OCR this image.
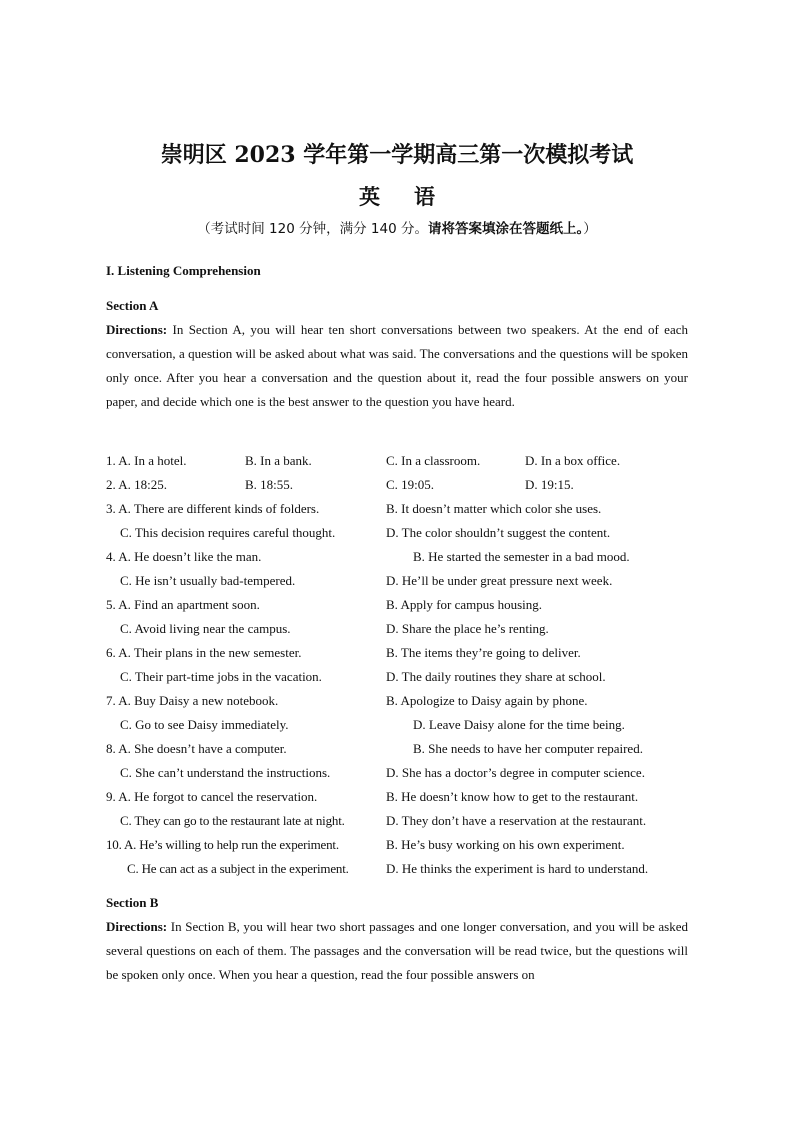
崇明区 2023 学年第一学期高三第一次模拟考试
英 语
（考试时间 120 分钟，满分 140 分。请将答案填涂在答题纸上。）
I. Listening Comprehension
Section A
Directions: In Section A, you will hear ten short conversations between two speakers. At the end of each conversation, a question will be asked about what was said. The conversations and the questions will be spoken only once. After you hear a conversation and the question about it, read the four possible answers on your paper, and decide which one is the best answer to the question you have heard.
1. A. In a hotel.	B. In a bank.	C. In a classroom.	D. In a box office.
2. A. 18:25.	B. 18:55.	C. 19:05.	D. 19:15.
3. A. There are different kinds of folders.	B. It doesn’t matter which color she uses.
C. This decision requires careful thought.	D. The color shouldn’t suggest the content.
4. A. He doesn’t like the man.	B. He started the semester in a bad mood.
C. He isn’t usually bad-tempered.	D. He’ll be under great pressure next week.
5. A. Find an apartment soon.	B. Apply for campus housing.
C. Avoid living near the campus.	D. Share the place he’s renting.
6. A. Their plans in the new semester.	B. The items they’re going to deliver.
C. Their part-time jobs in the vacation.	D. The daily routines they share at school.
7. A. Buy Daisy a new notebook.	B. Apologize to Daisy again by phone.
C. Go to see Daisy immediately.	D. Leave Daisy alone for the time being.
8. A. She doesn’t have a computer.	B. She needs to have her computer repaired.
C. She can’t understand the instructions.	D. She has a doctor’s degree in computer science.
9. A. He forgot to cancel the reservation.	B. He doesn’t know how to get to the restaurant.
C. They can go to the restaurant late at night.	D. They don’t have a reservation at the restaurant.
10. A. He’s willing to help run the experiment.	B. He’s busy working on his own experiment.
C. He can act as a subject in the experiment.	D. He thinks the experiment is hard to understand.
Section B
Directions: In Section B, you will hear two short passages and one longer conversation, and you will be asked several questions on each of them. The passages and the conversation will be read twice, but the questions will be spoken only once. When you hear a question, read the four possible answers on
